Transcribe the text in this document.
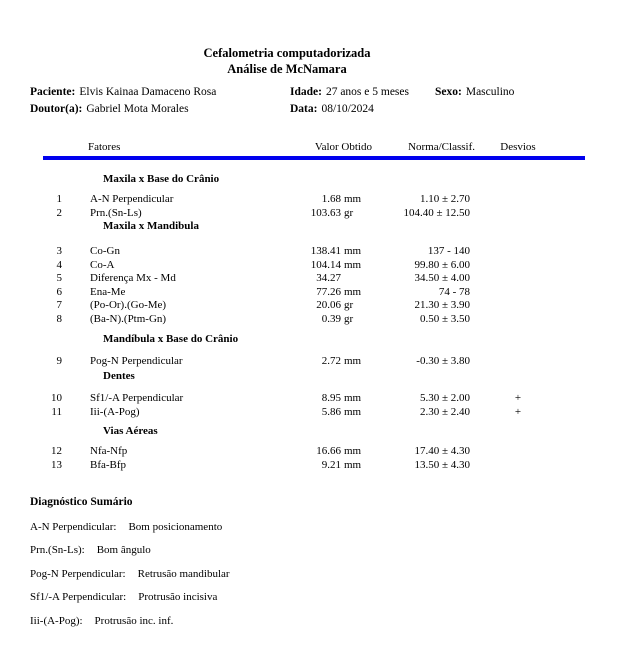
Cefalometria computadorizada
Análise de McNamara
Paciente: Elvis Kainaa Damaceno Rosa	Idade: 27 anos e 5 meses Sexo: Masculino
Doutor(a): Gabriel Mota Morales	Data: 08/10/2024
Fatores	Valor Obtido	Norma/Classif.	Desvios
Maxila x Base do Crânio
1	A-N Perpendicular	1.68 mm	1.10 ± 2.70
2	Prn.(Sn-Ls)	103.63 gr	104.40 ± 12.50
Maxila x Mandibula
3	Co-Gn	138.41 mm	137 - 140
4	Co-A	104.14 mm	99.80 ± 6.00
5	Diferença Mx - Md	34.27	34.50 ± 4.00
6	Ena-Me	77.26 mm	74 - 78
7	(Po-Or).(Go-Me)	20.06 gr	21.30 ± 3.90
8	(Ba-N).(Ptm-Gn)	0.39 gr	0.50 ± 3.50
Mandíbula x Base do Crânio
9	Pog-N Perpendicular	2.72 mm	-0.30 ± 3.80
Dentes
10	Sf1/-A Perpendicular	8.95 mm	5.30 ± 2.00	+
11	Iii-(A-Pog)	5.86 mm	2.30 ± 2.40	+
Vias Aéreas
12	Nfa-Nfp	16.66 mm	17.40 ± 4.30
13	Bfa-Bfp	9.21 mm	13.50 ± 4.30
Diagnóstico Sumário
A-N Perpendicular: Bom posicionamento
Prn.(Sn-Ls): Bom ângulo
Pog-N Perpendicular: Retrusão mandibular
Sf1/-A Perpendicular: Protrusão incisiva
Iii-(A-Pog): Protrusão inc. inf.
